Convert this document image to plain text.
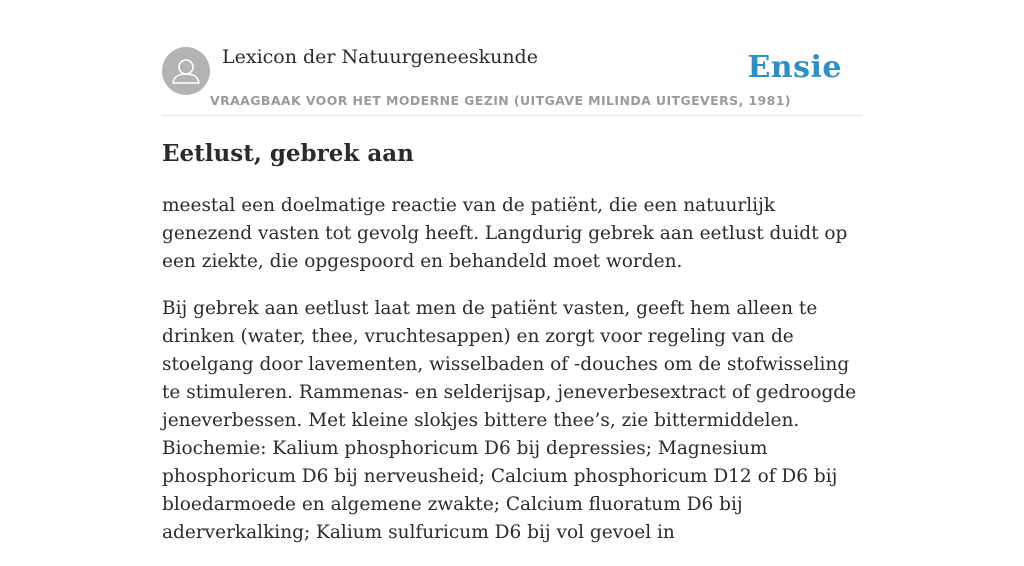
Lexicon der Natuurgeneeskunde
VRAAGBAAK VOOR HET MODERNE GEZIN (UITGAVE MILINDA UITGEVERS, 1981)
Ensie
Eetlust, gebrek aan

meestal een doelmatige reactie van de patiënt, die een natuurlijk genezend vasten tot gevolg heeft. Langdurig gebrek aan eetlust duidt op een ziekte, die opgespoord en behandeld moet worden.

Bij gebrek aan eetlust laat men de patiënt vasten, geeft hem alleen te drinken (water, thee, vruchtesappen) en zorgt voor regeling van de stoelgang door lavementen, wisselbaden of -douches om de stofwisseling te stimuleren. Rammenas- en selderijsap, jeneverbesextract of gedroogde jeneverbessen. Met kleine slokjes bittere thee’s, zie bittermiddelen. Biochemie: Kalium phosphoricum D6 bij depressies; Magnesium phosphoricum D6 bij nerveusheid; Calcium phosphoricum D12 of D6 bij bloedarmoede en algemene zwakte; Calcium fluoratum D6 bij aderverkalking; Kalium sulfuricum D6 bij vol gevoel in
